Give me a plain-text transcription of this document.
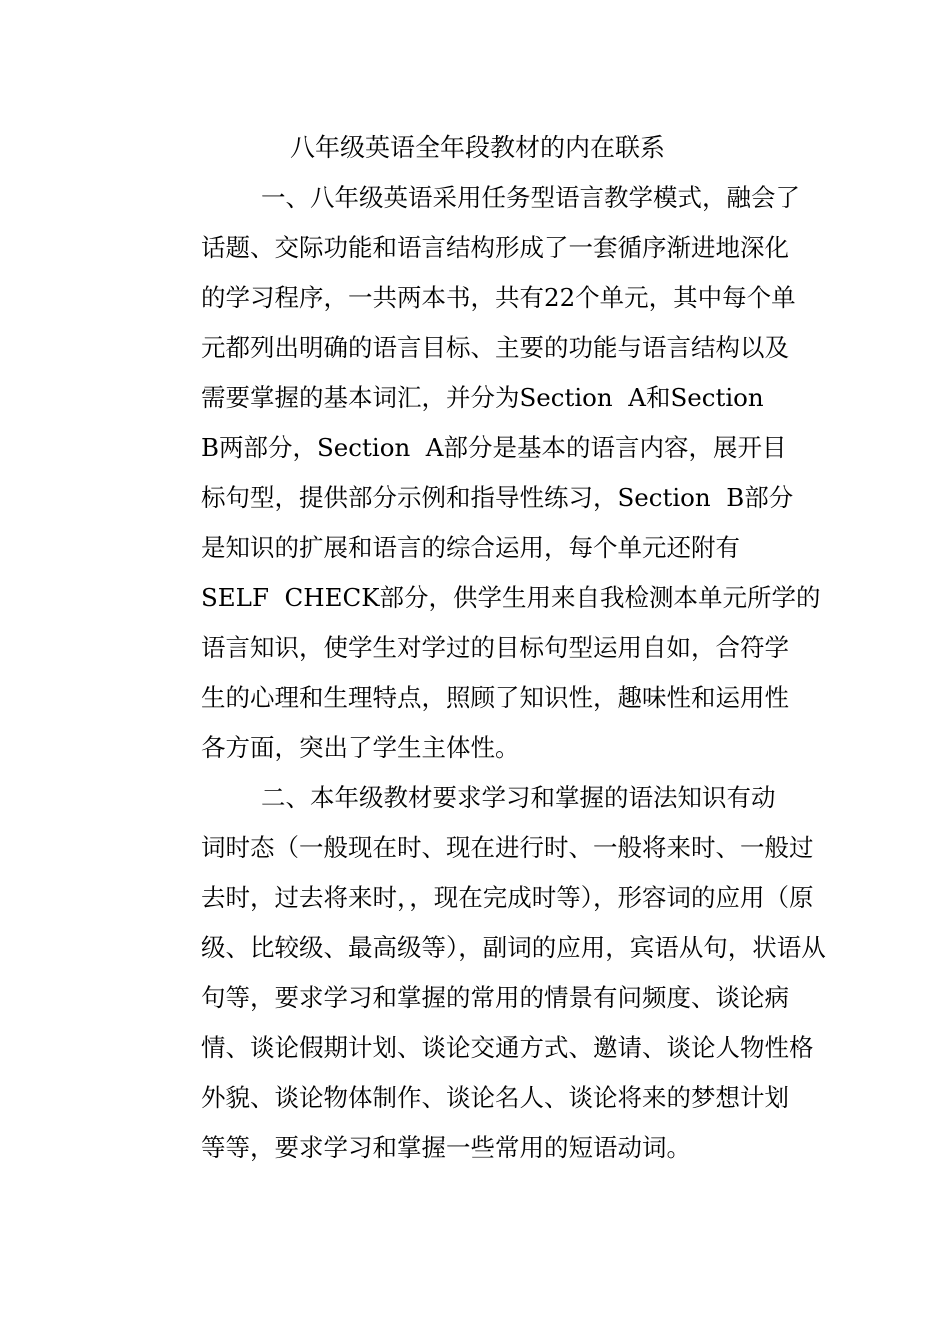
八年级英语全年段教材的内在联系
一、八年级英语采用任务型语言教学模式，融会了
话题、交际功能和语言结构形成了一套循序渐进地深化
的学习程序，一共两本书，共有22个单元，其中每个单
元都列出明确的语言目标、主要的功能与语言结构以及
需要掌握的基本词汇，并分为Section  A和Section
B两部分，Section  A部分是基本的语言内容，展开目
标句型，提供部分示例和指导性练习，Section  B部分
是知识的扩展和语言的综合运用，每个单元还附有
SELF  CHECK部分，供学生用来自我检测本单元所学的
语言知识，使学生对学过的目标句型运用自如，合符学
生的心理和生理特点，照顾了知识性，趣味性和运用性
各方面，突出了学生主体性。
二、本年级教材要求学习和掌握的语法知识有动
词时态（一般现在时、现在进行时、一般将来时、一般过
去时，过去将来时，，现在完成时等），形容词的应用（原
级、比较级、最高级等），副词的应用，宾语从句，状语从
句等，要求学习和掌握的常用的情景有问频度、谈论病
情、谈论假期计划、谈论交通方式、邀请、谈论人物性格
外貌、谈论物体制作、谈论名人、谈论将来的梦想计划
等等，要求学习和掌握一些常用的短语动词。
